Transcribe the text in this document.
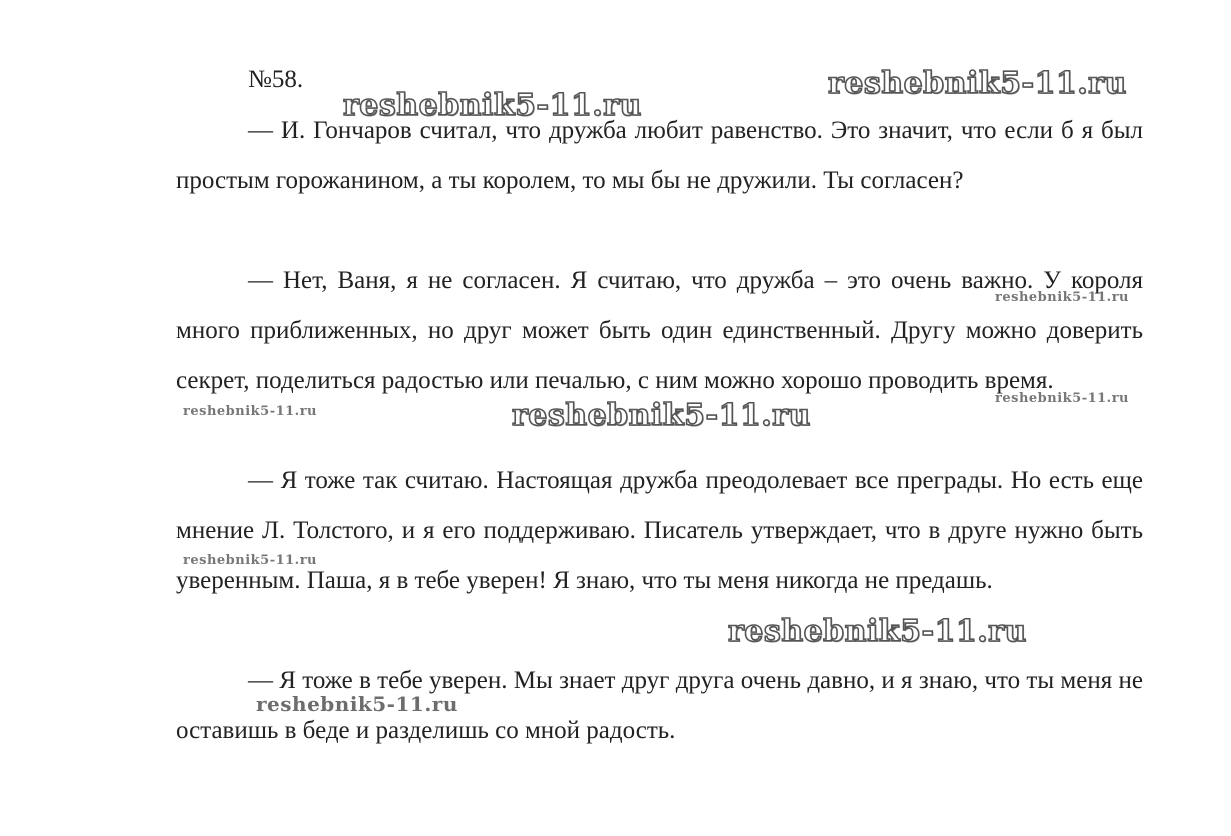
№58.

— И. Гончаров считал, что дружба любит равенство. Это значит, что если б я был простым горожанином, а ты королем, то мы бы не дружили. Ты согласен?

— Нет, Ваня, я не согласен. Я считаю, что дружба – это очень важно. У короля много приближенных, но друг может быть один единственный. Другу можно доверить секрет, поделиться радостью или печалью, с ним можно хорошо проводить время.

— Я тоже так считаю. Настоящая дружба преодолевает все преграды. Но есть еще мнение Л. Толстого, и я его поддерживаю. Писатель утверждает, что в друге нужно быть уверенным. Паша, я в тебе уверен! Я знаю, что ты меня никогда не предашь.

— Я тоже в тебе уверен. Мы знает друг друга очень давно, и я знаю, что ты меня не оставишь в беде и разделишь со мной радость.

reshebnik5-11.ru
reshebnik5-11.ru
reshebnik5-11.ru
reshebnik5-11.ru
reshebnik5-11.ru	reshebnik5-11.ru
reshebnik5-11.ru
reshebnik5-11.ru
reshebnik5-11.ru
